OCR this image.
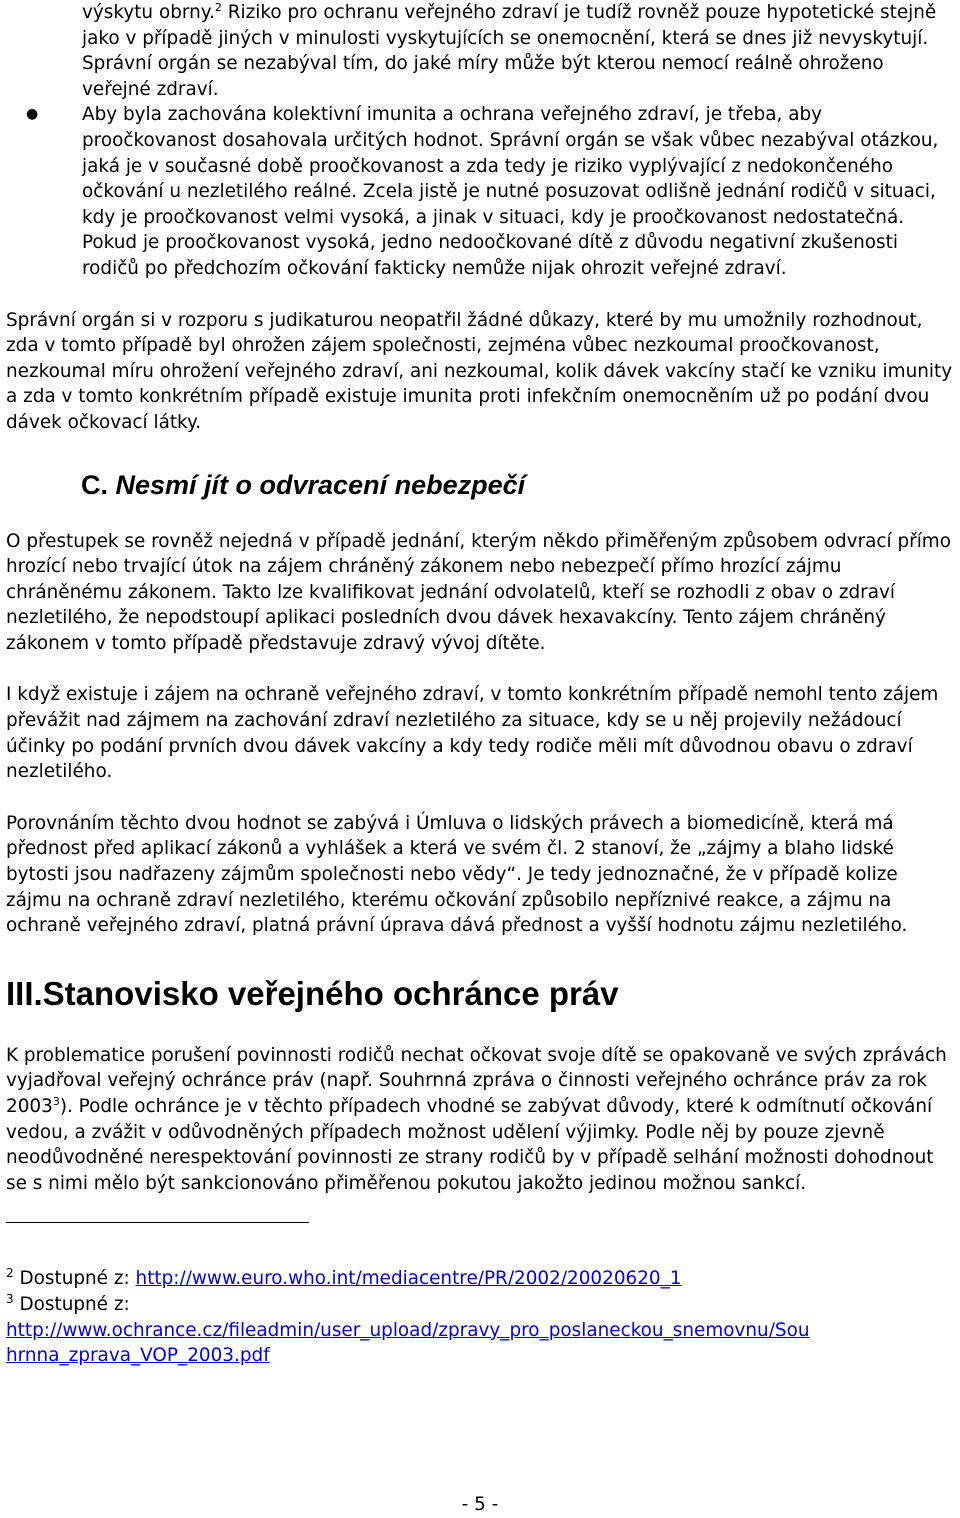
výskytu obrny.$^2$ Riziko pro ochranu veřejného zdraví je tudíž rovněž pouze hypotetické stejně jako v případě jiných v minulosti vyskytujících se onemocnění, která se dnes již nevyskytují. Správní orgán se nezabýval tím, do jaké míry může být kterou nemocí reálně ohroženo veřejné zdraví.

● Aby byla zachována kolektivní imunita a ochrana veřejného zdraví, je třeba, aby proočkovanost dosahovala určitých hodnot. Správní orgán se však vůbec nezabýval otázkou, jaká je v současné době proočkovanost a zda tedy je riziko vyplývající z nedokončeného očkování u nezletilého reálné. Zcela jistě je nutné posuzovat odlišně jednání rodičů v situaci, kdy je proočkovanost velmi vysoká, a jinak v situaci, kdy je proočkovanost nedostatečná. Pokud je proočkovanost vysoká, jedno nedoočkované dítě z důvodu negativní zkušenosti rodičů po předchozím očkování fakticky nemůže nijak ohrozit veřejné zdraví.

Správní orgán si v rozporu s judikaturou neopatřil žádné důkazy, které by mu umožnily rozhodnout, zda v tomto případě byl ohrožen zájem společnosti, zejména vůbec nezkoumal proočkovanost, nezkoumal míru ohrožení veřejného zdraví, ani nezkoumal, kolik dávek vakcíny stačí ke vzniku imunity a zda v tomto konkrétním případě existuje imunita proti infekčním onemocněním už po podání dvou dávek očkovací látky.

C. Nesmí jít o odvracení nebezpečí

O přestupek se rovněž nejedná v případě jednání, kterým někdo přiměřeným způsobem odvrací přímo hrozící nebo trvající útok na zájem chráněný zákonem nebo nebezpečí přímo hrozící zájmu chráněnému zákonem. Takto lze kvalifikovat jednání odvolatelů, kteří se rozhodli z obav o zdraví nezletilého, že nepodstoupí aplikaci posledních dvou dávek hexavakcíny. Tento zájem chráněný zákonem v tomto případě představuje zdravý vývoj dítěte.

I když existuje i zájem na ochraně veřejného zdraví, v tomto konkrétním případě nemohl tento zájem převážit nad zájmem na zachování zdraví nezletilého za situace, kdy se u něj projevily nežádoucí účinky po podání prvních dvou dávek vakcíny a kdy tedy rodiče měli mít důvodnou obavu o zdraví nezletilého.

Porovnáním těchto dvou hodnot se zabývá i Úmluva o lidských právech a biomedicíně, která má přednost před aplikací zákonů a vyhlášek a která ve svém čl. 2 stanoví, že „zájmy a blaho lidské bytosti jsou nadřazeny zájmům společnosti nebo vědy“. Je tedy jednoznačné, že v případě kolize zájmu na ochraně zdraví nezletilého, kterému očkování způsobilo nepříznivé reakce, a zájmu na ochraně veřejného zdraví, platná právní úprava dává přednost a vyšší hodnotu zájmu nezletilého.

III.Stanovisko veřejného ochránce práv

K problematice porušení povinnosti rodičů nechat očkovat svoje dítě se opakovaně ve svých zprávách vyjadřoval veřejný ochránce práv (např. Souhrnná zpráva o činnosti veřejného ochránce práv za rok 2003$^3$). Podle ochránce je v těchto případech vhodné se zabývat důvody, které k odmítnutí očkování vedou, a zvážit v odůvodněných případech možnost udělení výjimky. Podle něj by pouze zjevně neodůvodněné nerespektování povinnosti ze strany rodičů by v případě selhání možnosti dohodnout se s nimi mělo být sankcionováno přiměřenou pokutou jakožto jedinou možnou sankcí.

$^2$ Dostupné z: http://www.euro.who.int/mediacentre/PR/2002/20020620_1
$^3$ Dostupné z:
http://www.ochrance.cz/fileadmin/user_upload/zpravy_pro_poslaneckou_snemovnu/Sou
hrnna_zprava_VOP_2003.pdf
- 5 -
